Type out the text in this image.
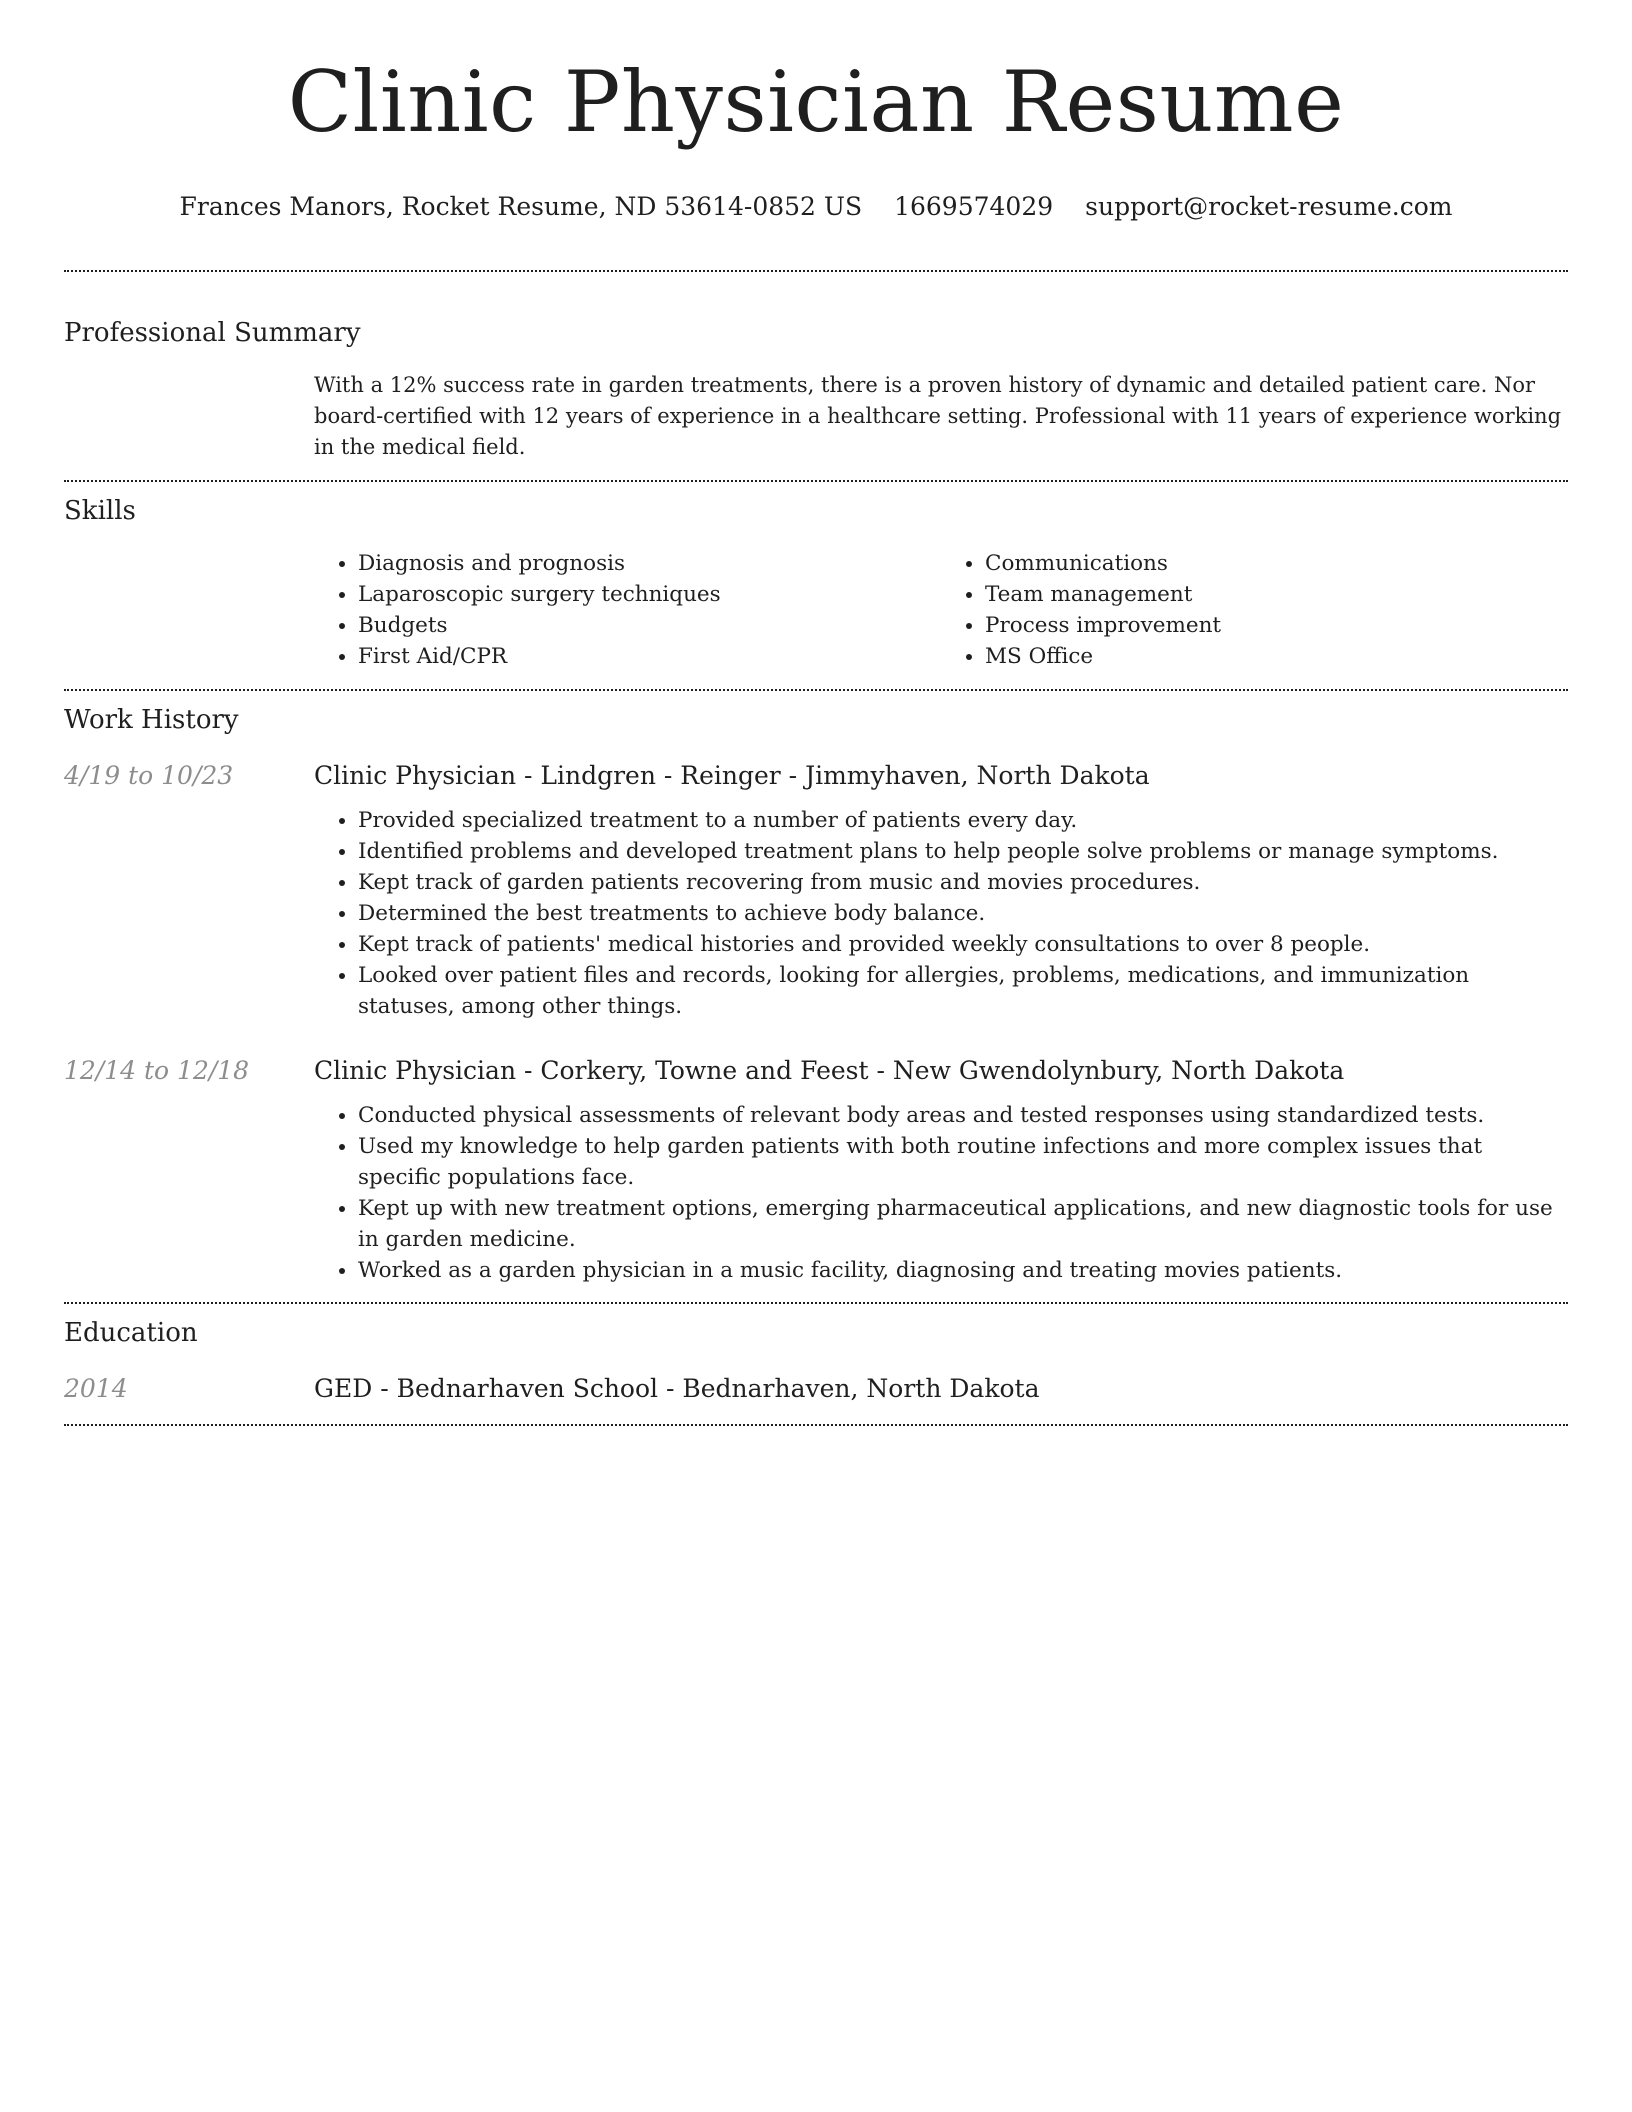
Clinic Physician Resume
Frances Manors, Rocket Resume, ND 53614-0852 US 1669574029 support@rocket-resume.com
Professional Summary

With a 12% success rate in garden treatments, there is a proven history of dynamic and detailed patient care. Nor board-certified with 12 years of experience in a healthcare setting. Professional with 11 years of experience working in the medical field.

Skills
• Diagnosis and prognosis
• Laparoscopic surgery techniques
• Budgets
• First Aid/CPR
• Communications
• Team management
• Process improvement
• MS Office
Work History
4/19 to 10/23	Clinic Physician - Lindgren - Reinger - Jimmyhaven, North Dakota

• Provided specialized treatment to a number of patients every day.
• Identified problems and developed treatment plans to help people solve problems or manage symptoms.
• Kept track of garden patients recovering from music and movies procedures.
• Determined the best treatments to achieve body balance.
• Kept track of patients' medical histories and provided weekly consultations to over 8 people.
• Looked over patient files and records, looking for allergies, problems, medications, and immunization statuses, among other things.
12/14 to 12/18	Clinic Physician - Corkery, Towne and Feest - New Gwendolynbury, North Dakota

• Conducted physical assessments of relevant body areas and tested responses using standardized tests.
• Used my knowledge to help garden patients with both routine infections and more complex issues that specific populations face.
• Kept up with new treatment options, emerging pharmaceutical applications, and new diagnostic tools for use in garden medicine.
• Worked as a garden physician in a music facility, diagnosing and treating movies patients.
Education
2014	GED - Bednarhaven School - Bednarhaven, North Dakota
